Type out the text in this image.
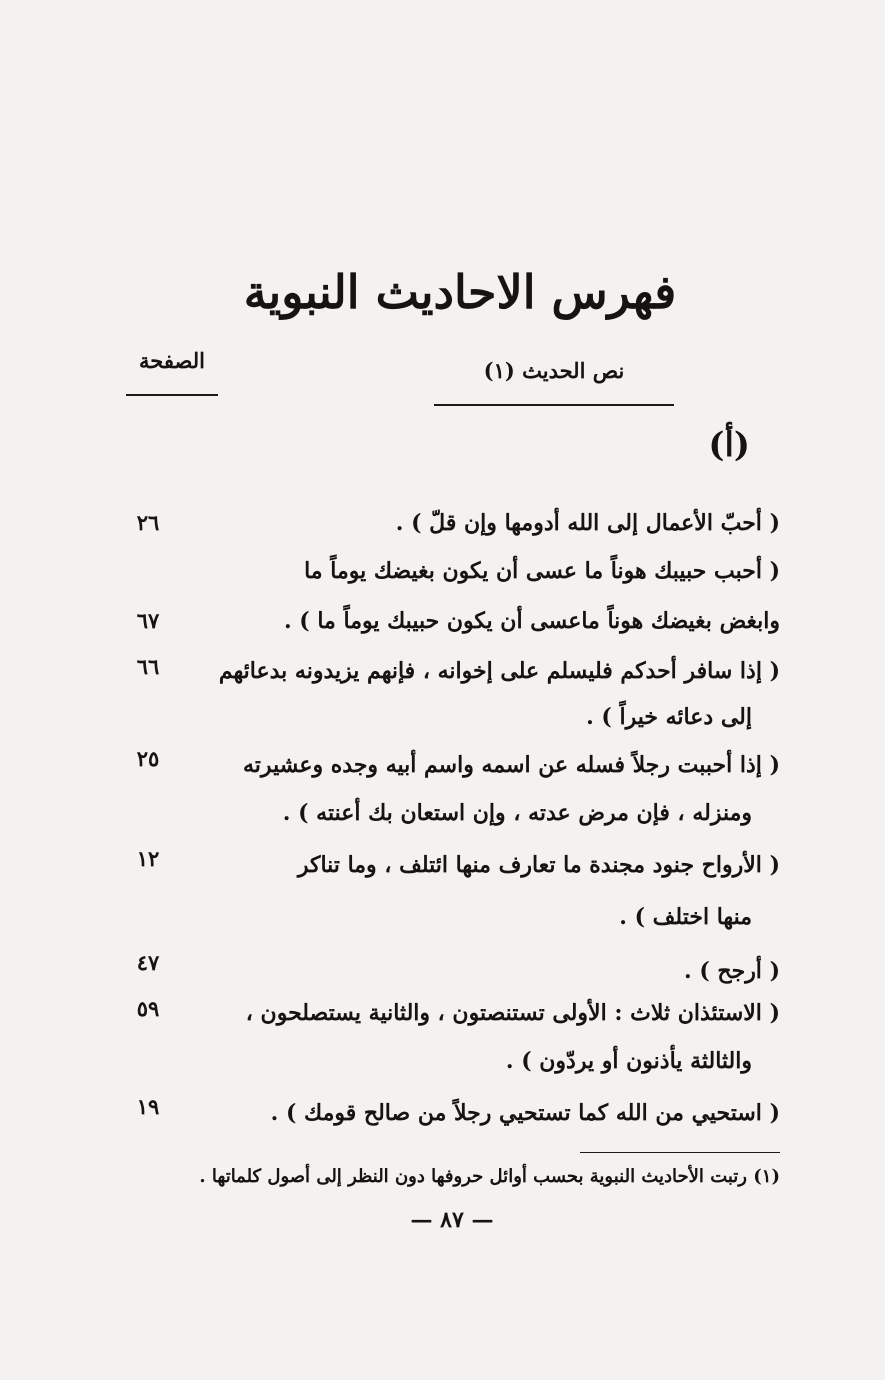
فهرس الاحاديث النبوية
نص الحديث (١)
الصفحة
(أ)
( أحبّ الأعمال إلى الله أدومها وإن قلّ ) .
٢٦
( أحبب حبيبك هوناً ما عسى أن يكون بغيضك يوماً ما
وابغض بغيضك هوناً ماعسى أن يكون حبيبك يوماً ما ) .
٦٧
( إذا سافر أحدكم فليسلم على إخوانه ، فإنهم يزيدونه بدعائهم
إلى دعائه خيراً ) .
٦٦
( إذا أحببت رجلاً فسله عن اسمه واسم أبيه وجده وعشيرته
ومنزله ، فإن مرض عدته ، وإن استعان بك أعنته ) .
٢٥
( الأرواح جنود مجندة ما تعارف منها ائتلف ، وما تناكر
منها اختلف ) .
١٢
( أرجح ) .
٤٧
( الاستئذان ثلاث : الأولى تستنصتون ، والثانية يستصلحون ،
والثالثة يأذنون أو يردّون ) .
٥٩
( استحيي من الله كما تستحيي رجلاً من صالح قومك ) .
١٩
(١) رتبت الأحاديث النبوية بحسب أوائل حروفها دون النظر إلى أصول كلماتها .
— ٨٧ —
